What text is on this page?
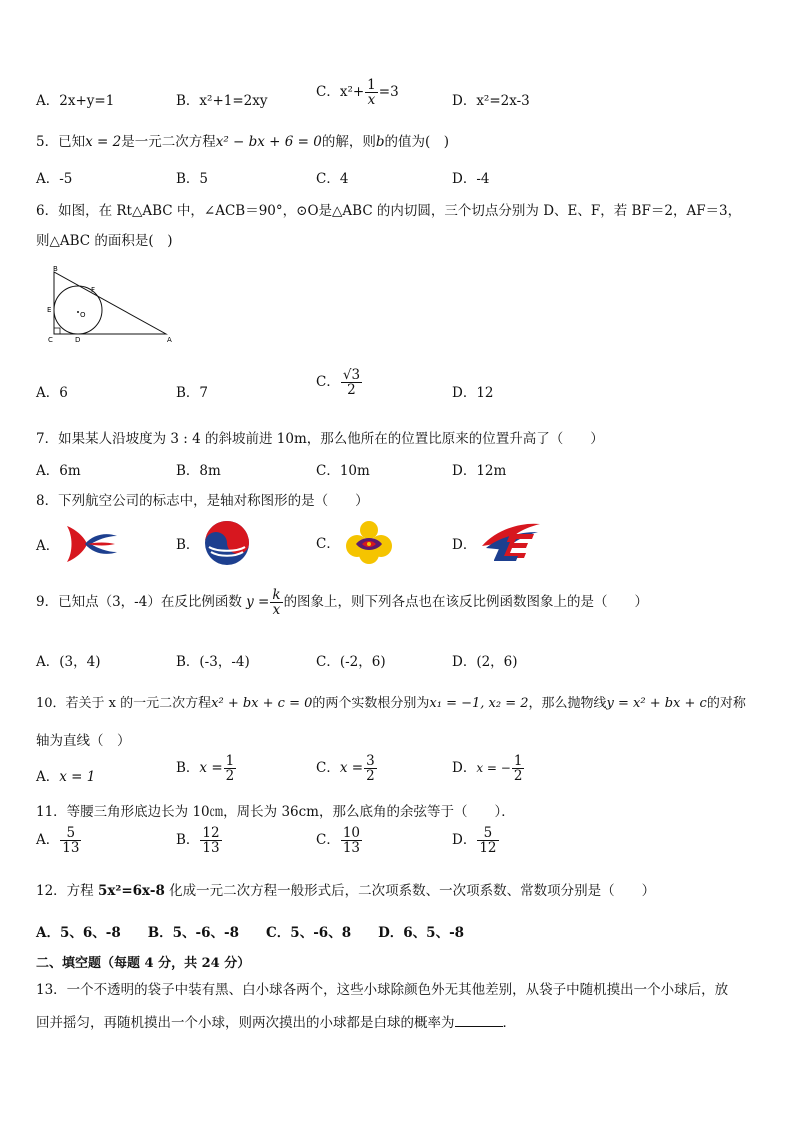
A．2x+y=1	B．x²+1=2xy
C．$x^2+ \frac{1}{x} =3$
D．x²=2x-3
5．已知x = 2是一元二次方程x² − bx + 6 = 0的解，则b的值为(　)
A．-5	B．5	C．4	D．-4
6．如图，在 Rt△ABC 中，∠ACB＝90°，⊙O是△ABC 的内切圆，三个切点分别为 D、E、F，若 BF＝2，AF＝3，
则△ABC 的面积是(　)
B
F
E
O
C	D	A
A．6	B．7
C． $\frac{√3}{2}$	D．12
7．如果某人沿坡度为 3 : 4 的斜坡前进 10m，那么他所在的位置比原来的位置升高了（　　）
A．6m	B．8m	C．10m	D．12m
8．下列航空公司的标志中，是轴对称图形的是（　　）
A．	B．	C．	D．
9．已知点（3，-4）在反比例函数 $y = \frac{k}{x}$ 的图象上，则下列各点也在该反比例函数图象上的是（　　）
A．(3，4)	B．(-3，-4)	C．(-2，6)	D．(2，6)
10．若关于 x 的一元二次方程x² + bx + c = 0的两个实数根分别为x₁ = −1, x₂ = 2，那么抛物线y = x² + bx + c的对称
轴为直线（　）
A．x = 1
B．$x = \frac{1}{2}$	C．$x = \frac{3}{2}$	D．x = − $\frac{1}{2}$
11．等腰三角形底边长为 10㎝，周长为 36cm，那么底角的余弦等于（　　）．
A． $\frac{5}{13}$	B． $\frac{12}{13}$	C． $\frac{10}{13}$	D． $\frac{5}{12}$
12．方程 5x²=6x-8 化成一元二次方程一般形式后，二次项系数、一次项系数、常数项分别是（　　）
A．5、6、-8　　B．5、-6、-8　　C．5、-6、8　　D．6、5、-8
二、填空题（每题 4 分，共 24 分）
13．一个不透明的袋子中装有黑、白小球各两个，这些小球除颜色外无其他差别，从袋子中随机摸出一个小球后，放
回并摇匀，再随机摸出一个小球，则两次摸出的小球都是白球的概率为	．
